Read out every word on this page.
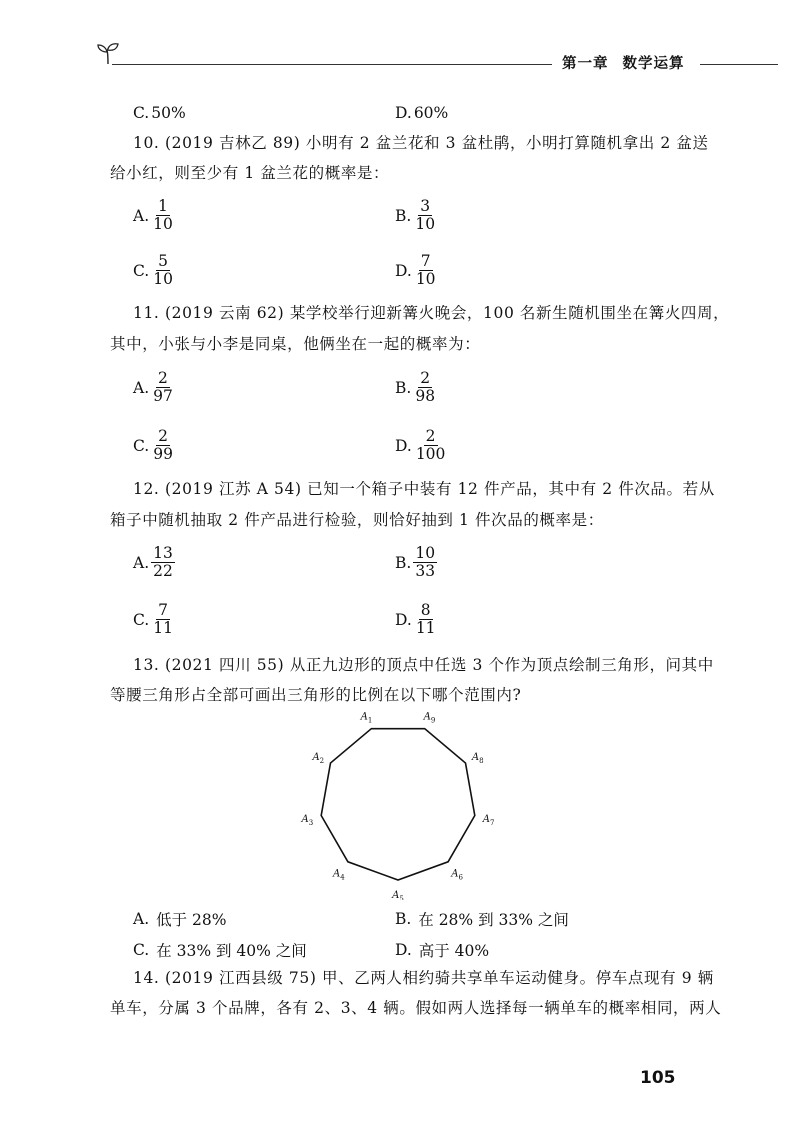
第一章 数学运算
C. 50%	D. 60%
10. (2019 吉林乙 89) 小明有 2 盆兰花和 3 盆杜鹃，小明打算随机拿出 2 盆送
给小红，则至少有 1 盆兰花的概率是：
A. $\frac{1}{10}$	B. $\frac{3}{10}$
C. $\frac{5}{10}$	D. $\frac{7}{10}$
11. (2019 云南 62) 某学校举行迎新篝火晚会，100 名新生随机围坐在篝火四周，
其中，小张与小李是同桌，他俩坐在一起的概率为：
A. $\frac{2}{97}$	B. $\frac{2}{98}$
C. $\frac{2}{99}$	D. $\frac{2}{100}$
12. (2019 江苏 A 54) 已知一个箱子中装有 12 件产品，其中有 2 件次品。若从
箱子中随机抽取 2 件产品进行检验，则恰好抽到 1 件次品的概率是：
A. $\frac{13}{22}$	B. $\frac{10}{33}$
C. $\frac{7}{11}$	D. $\frac{8}{11}$
13. (2021 四川 55) 从正九边形的顶点中任选 3 个作为顶点绘制三角形，问其中
等腰三角形占全部可画出三角形的比例在以下哪个范围内?
$A_1$
$A_2$
$A_3$
$A_4$
$A_5$
$A_6$
$A_7$
$A_8$
$A_9$
A.
低于 28%	B.
在 28% 到 33% 之间
C.
在 33% 到 40% 之间	D.
高于 40%
14. (2019 江西县级 75) 甲、乙两人相约骑共享单车运动健身。停车点现有 9 辆
单车，分属 3 个品牌，各有 2、3、4 辆。假如两人选择每一辆单车的概率相同，两人
105
